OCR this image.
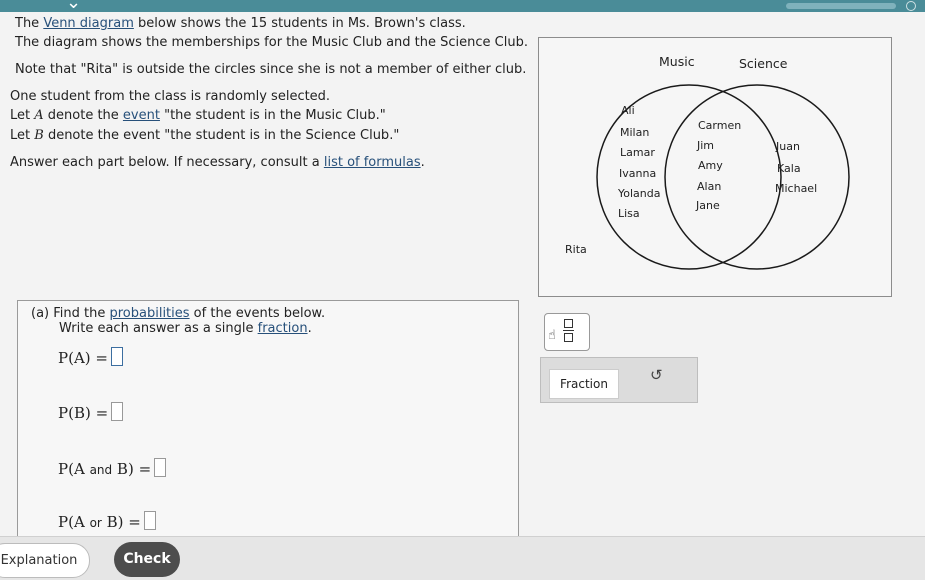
⌄

The Venn diagram below shows the 15 students in Ms. Brown's class.

The diagram shows the memberships for the Music Club and the Science Club.

Note that "Rita" is outside the circles since she is not a member of either club.

One student from the class is randomly selected.

Let A denote the event "the student is in the Music Club."

Let B denote the event "the student is in the Science Club."

Answer each part below. If necessary, consult a list of formulas.

Music	Science
Ali
Milan
Lamar
Ivanna
Yolanda
Lisa
Carmen
Jim
Amy
Alan
Jane
Juan
Kala
Michael
Rita
(a) Find the probabilities of the events below.
Write each answer as a single fraction.
P(A) =
P(B) =
P(A and B) =
P(A or B) =
☝
Fraction	↺
Explanation	Check
